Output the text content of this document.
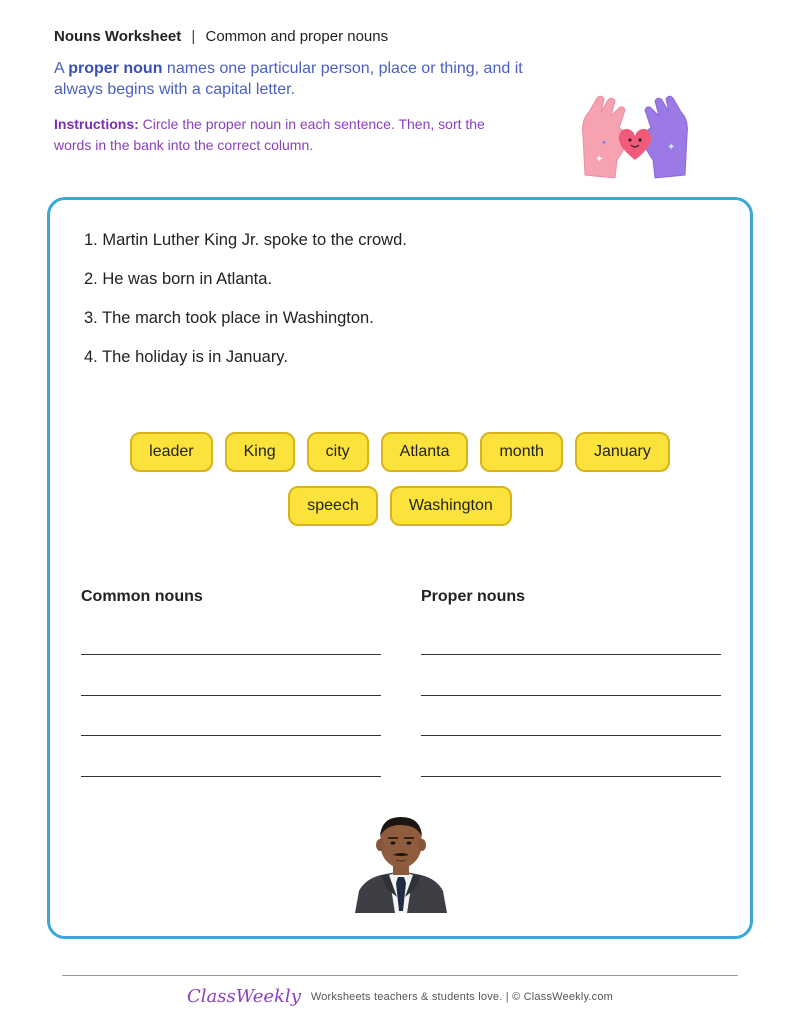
Nouns Worksheet | Common and proper nouns

A proper noun names one particular person, place or thing, and it always begins with a capital letter.

Instructions: Circle the proper noun in each sentence. Then, sort the words in the bank into the correct column.

✦
✦
✦
1. Martin Luther King Jr. spoke to the crowd.
2. He was born in Atlanta.
3. The march took place in Washington.
4. The holiday is in January.
leader	King	city	Atlanta	month	January
speech	Washington
Common nouns	Proper nouns
ClassWeekly Worksheets teachers & students love. | © ClassWeekly.com
